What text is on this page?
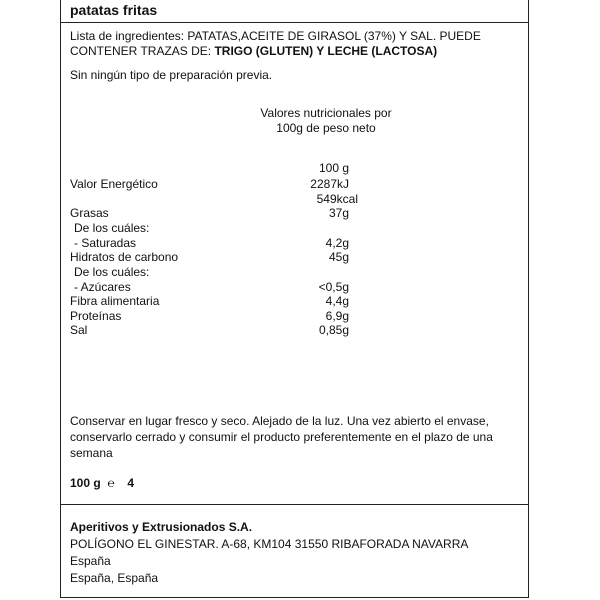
patatas fritas
Lista de ingredientes: PATATAS,ACEITE DE GIRASOL (37%) Y SAL. PUEDE
CONTENER TRAZAS DE: TRIGO (GLUTEN) Y LECHE (LACTOSA)
Sin ningún tipo de preparación previa.
Valores nutricionales por
100g de peso neto
100 g
Valor Energético	2287kJ
549kcal
Grasas	37g
De los cuáles:
- Saturadas	4,2g
Hidratos de carbono	45g
De los cuáles:
- Azúcares	<0,5g
Fibra alimentaria	4,4g
Proteínas	6,9g
Sal	0,85g
Conservar en lugar fresco y seco. Alejado de la luz. Una vez abierto el envase,
conservarlo cerrado y consumir el producto preferentemente en el plazo de una
semana
100 g ℮ 4
Aperitivos y Extrusionados S.A.
POLÍGONO EL GINESTAR. A-68, KM104 31550 RIBAFORADA NAVARRA
España
España, España
